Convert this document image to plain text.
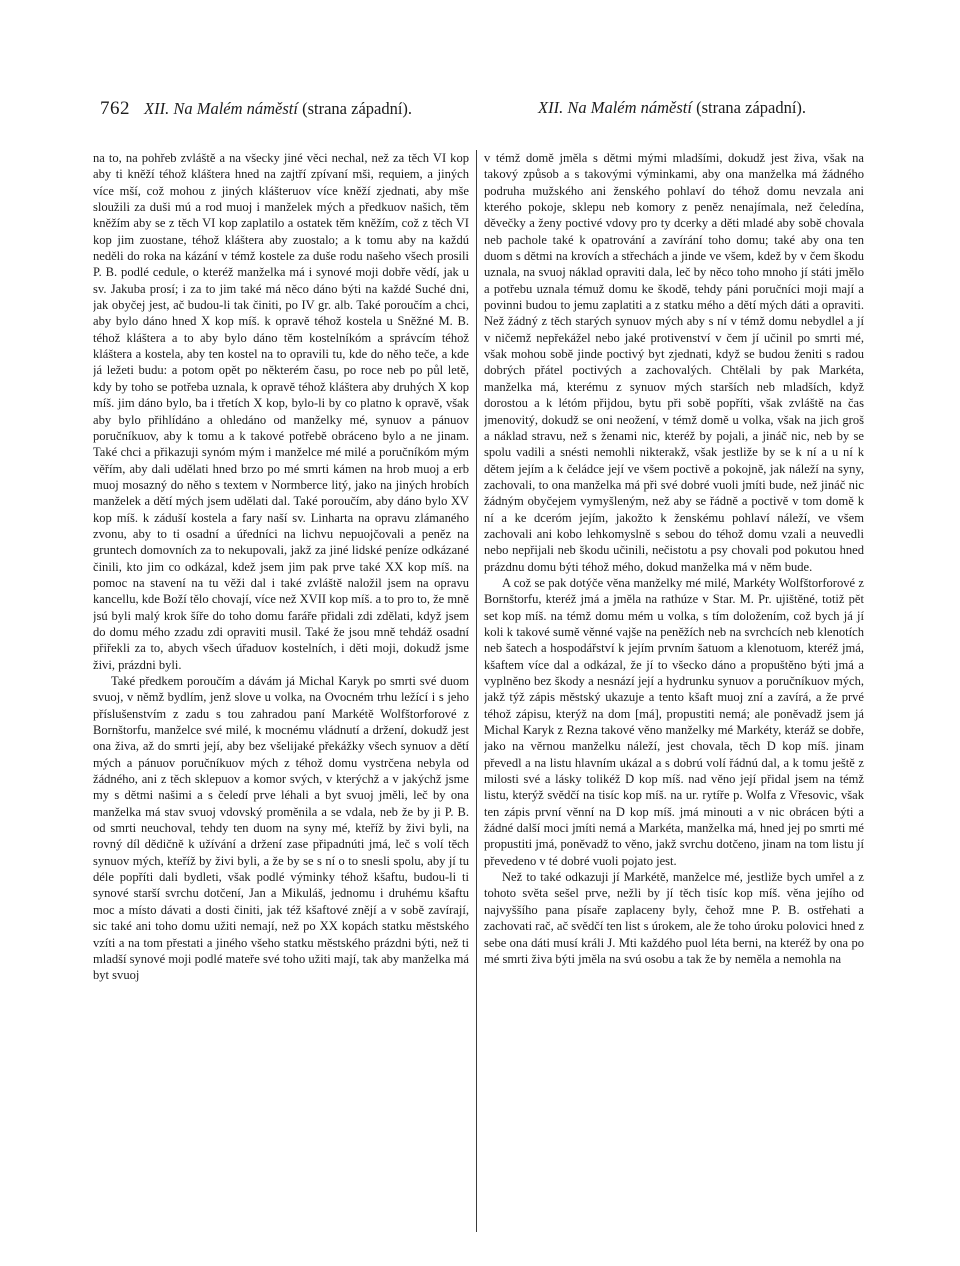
762 XII. Na Malém náměstí (strana západní).	XII. Na Malém náměstí (strana západní).

na to, na pohřeb zvláště a na všecky jiné věci nechal, než za těch VI kop aby ti kněží téhož kláštera hned na zajtří zpívaní mši, requiem, a jiných více mší, což mohou z jiných klášteruov více kněží zjednati, aby mše sloužili za duši mú a rod muoj i manželek mých a předkuov našich, těm kněžím aby se z těch VI kop zaplatilo a ostatek těm kněžím, což z těch VI kop jim zuostane, téhož kláštera aby zuostalo; a k tomu aby na každú neděli do roka na kázání v témž kostele za duše rodu našeho všech prosili P. B. podlé cedule, o kteréž manželka má i synové moji dobře vědí, jak u sv. Jakuba prosí; i za to jim také má něco dáno býti na každé Suché dni, jak obyčej jest, ač budou-li tak činiti, po IV gr. alb. Také poroučím a chci, aby bylo dáno hned X kop míš. k opravě téhož kostela u Sněžné M. B. téhož kláštera a to aby bylo dáno těm kostelníkóm a správcím téhož kláštera a kostela, aby ten kostel na to opravili tu, kde do něho teče, a kde já ležeti budu: a potom opět po některém času, po roce neb po půl letě, kdy by toho se potřeba uznala, k opravě téhož kláštera aby druhých X kop míš. jim dáno bylo, ba i třetích X kop, bylo-li by co platno k opravě, však aby bylo přihlídáno a ohledáno od manželky mé, synuov a pánuov poručníkuov, aby k tomu a k takové potřebě obráceno bylo a ne jinam. Také chci a přikazuji synóm mým i manželce mé milé a poručníkóm mým věřím, aby dali udělati hned brzo po mé smrti kámen na hrob muoj a erb muoj mosazný do něho s textem v Normberce litý, jako na jiných hrobích manželek a dětí mých jsem udělati dal. Také poroučím, aby dáno bylo XV kop míš. k záduší kostela a fary naší sv. Linharta na opravu zlámaného zvonu, aby to ti osadní a úředníci na lichvu nepuojčovali a peněz na gruntech domovních za to nekupovali, jakž za jiné lidské peníze odkázané činili, kto jim co odkázal, kdež jsem jim pak prve také XX kop míš. na pomoc na stavení na tu věži dal i také zvláště naložil jsem na opravu kancellu, kde Boží tělo chovají, více než XVII kop míš. a to pro to, že mně jsú byli malý krok šíře do toho domu faráře přidali zdi zdělati, když jsem do domu mého zzadu zdi opraviti musil. Také že jsou mně tehdáž osadní přiřekli za to, abych všech úřaduov kostelních, i děti moji, dokudž jsme živi, prázdni byli.

Také předkem poroučím a dávám já Michal Karyk po smrti své duom svuoj, v němž bydlím, jenž slove u volka, na Ovocném trhu ležící i s jeho příslušenstvím z zadu s tou zahradou paní Markétě Wolfštorforové z Bornštorfu, manželce své milé, k mocnému vládnutí a držení, dokudž jest ona živa, až do smrti její, aby bez všelijaké překážky všech synuov a dětí mých a pánuov poručníkuov mých z téhož domu vystrčena nebyla od žádného, ani z těch sklepuov a komor svých, v kterýchž a v jakýchž jsme my s dětmi našimi a s čeledí prve léhali a byt svuoj jměli, leč by ona manželka má stav svuoj vdovský proměnila a se vdala, neb že by ji P. B. od smrti neuchoval, tehdy ten duom na syny mé, kteříž by živi byli, na rovný díl dědičně k užívání a držení zase připadnúti jmá, leč s volí těch synuov mých, kteříž by živi byli, a že by se s ní o to snesli spolu, aby jí tu déle popříti dali bydleti, však podlé výminky téhož kšaftu, budou-li ti synové starší svrchu dotčení, Jan a Mikuláš, jednomu i druhému kšaftu moc a místo dávati a dosti činiti, jak též kšaftové znějí a v sobě zavírají, sic také ani toho domu užiti nemají, než po XX kopách statku městského vzíti a na tom přestati a jiného všeho statku městského prázdni býti, než ti mladší synové moji podlé mateře své toho užiti mají, tak aby manželka má byt svuoj

v témž domě jměla s dětmi mými mladšími, dokudž jest živa, však na takový způsob a s takovými výminkami, aby ona manželka má žádného podruha mužského ani ženského pohlaví do téhož domu nevzala ani kterého pokoje, sklepu neb komory z peněz nenajímala, než čeledína, děvečky a ženy poctivé vdovy pro ty dcerky a děti mladé aby sobě chovala neb pachole také k opatrování a zavírání toho domu; také aby ona ten duom s dětmi na krovích a střechách a jinde ve všem, kdež by v čem škodu uznala, na svuoj náklad opraviti dala, leč by něco toho mnoho jí státi jmělo a potřebu uznala témuž domu ke škodě, tehdy páni poručníci moji mají a povinni budou to jemu zaplatiti a z statku mého a dětí mých dáti a opraviti. Než žádný z těch starých synuov mých aby s ní v témž domu nebydlel a jí v ničemž nepřekážel nebo jaké protivenství v čem jí učinil po smrti mé, však mohou sobě jinde poctivý byt zjednati, když se budou ženiti s radou dobrých přátel poctivých a zachovalých. Chtělali by pak Markéta, manželka má, kterému z synuov mých starších neb mladších, když dorostou a k létóm přijdou, bytu při sobě popříti, však zvláště na čas jmenovitý, dokudž se oni neožení, v témž domě u volka, však na jich groš a náklad stravu, než s ženami nic, kteréž by pojali, a jináč nic, neb by se spolu vadili a snésti nemohli nikterakž, však jestliže by se k ní a u ní k dětem jejím a k čeládce její ve všem poctivě a pokojně, jak náleží na syny, zachovali, to ona manželka má při své dobré vuoli jmíti bude, než jináč nic žádným obyčejem vymyšleným, než aby se řádně a poctivě v tom domě k ní a ke dceróm jejím, jakožto k ženskému pohlaví náleží, ve všem zachovali ani kobo lehkomyslně s sebou do téhož domu vzali a neuvedli nebo nepřijali neb škodu učinili, nečistotu a psy chovali pod pokutou hned prázdnu domu býti téhož mého, dokud manželka má v něm bude.

A což se pak dotýče věna manželky mé milé, Markéty Wolfštorforové z Bornštorfu, kteréž jmá a jměla na rathúze v Star. M. Pr. ujištěné, totiž pět set kop míš. na témž domu mém u volka, s tím doložením, což bych já jí koli k takové sumě věnné vajše na peněžích neb na svrchcích neb klenotích neb šatech a hospodářství k jejím prvním šatuom a klenotuom, kteréž jmá, kšaftem více dal a odkázal, že jí to všecko dáno a propuštěno býti jmá a vyplněno bez škody a nesnází její a hydrunku synuov a poručníkuov mých, jakž týž zápis městský ukazuje a tento kšaft muoj zní a zavírá, a že prvé téhož zápisu, kterýž na dom [má], propustiti nemá; ale poněvadž jsem já Michal Karyk z Rezna takové věno manželky mé Markéty, kteráž se dobře, jako na věrnou manželku náleží, jest chovala, těch D kop míš. jinam převedl a na listu hlavním ukázal a s dobrú volí řádnú dal, a k tomu ještě z milosti své a lásky tolikéž D kop míš. nad věno její přidal jsem na témž listu, kterýž svědčí na tisíc kop míš. na ur. rytíře p. Wolfa z Vřesovic, však ten zápis první věnní na D kop míš. jmá minouti a v nic obrácen býti a žádné další moci jmíti nemá a Markéta, manželka má, hned jej po smrti mé propustiti jmá, poněvadž to věno, jakž svrchu dotčeno, jinam na tom listu jí převedeno v té dobré vuoli pojato jest.

Než to také odkazuji jí Markétě, manželce mé, jestliže bych umřel a z tohoto světa sešel prve, nežli by jí těch tisíc kop míš. věna jejího od najvyššího pana písaře zaplaceny byly, čehož mne P. B. ostřehati a zachovati rač, ač svědčí ten list s úrokem, ale že toho úroku polovici hned z sebe ona dáti musí králi J. Mti každého puol léta berni, na kteréž by ona po mé smrti živa býti jměla na svú osobu a tak že by neměla a nemohla na
